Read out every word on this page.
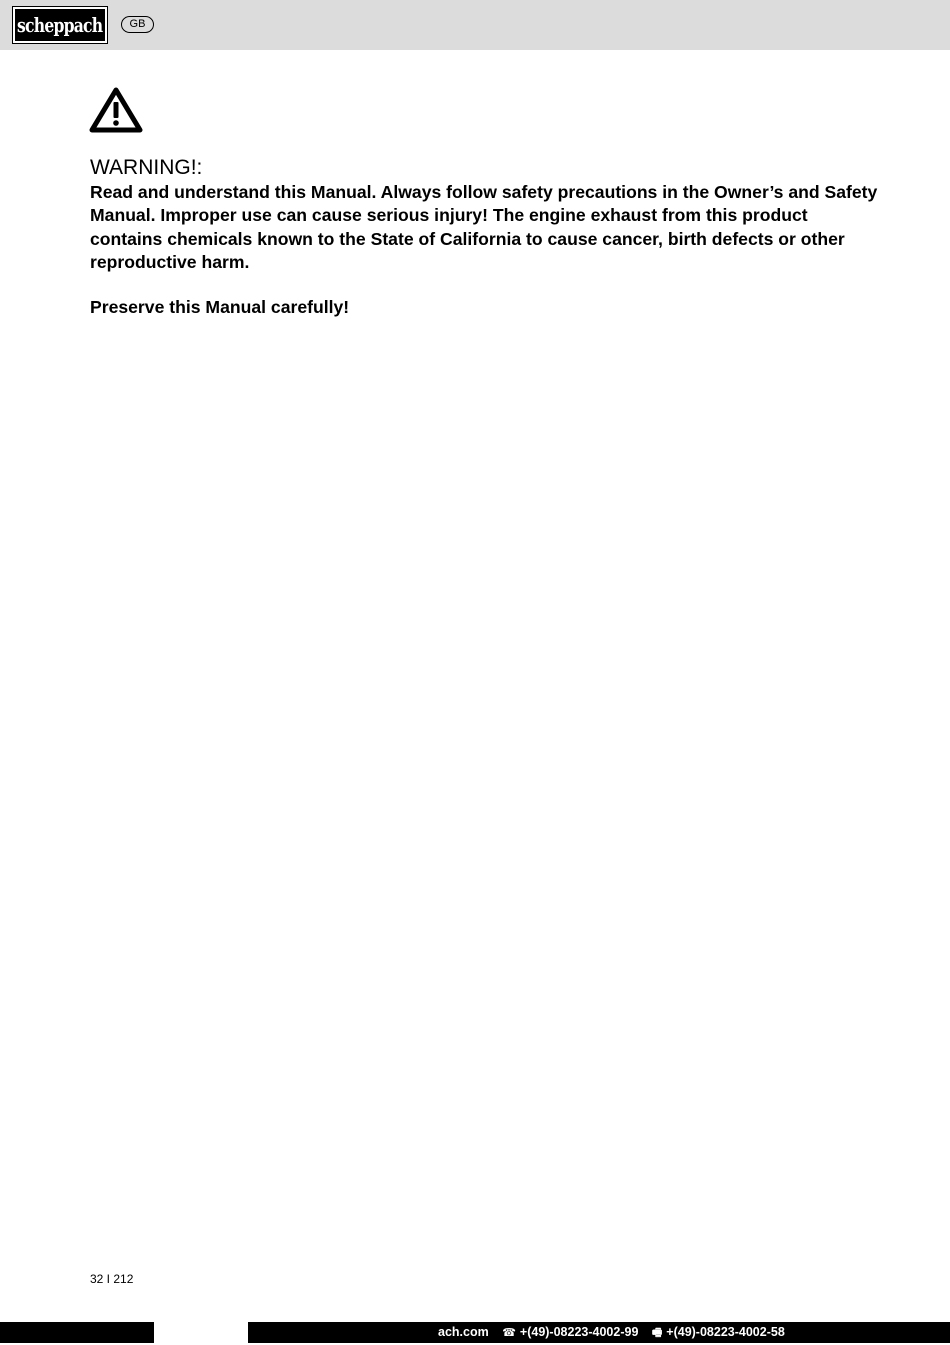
scheppach	GB
WARNING!:

Read and understand this Manual. Always follow safety precautions in the Owner’s and Safety Manual. Improper use can cause serious injury! The engine exhaust from this product contains chemicals known to the State of California to cause cancer, birth defects or other reproductive harm.

Preserve this Manual carefully!

32 I 212
ach.com ☎ +(49)-08223-4002-99 🖷 +(49)-08223-4002-58
